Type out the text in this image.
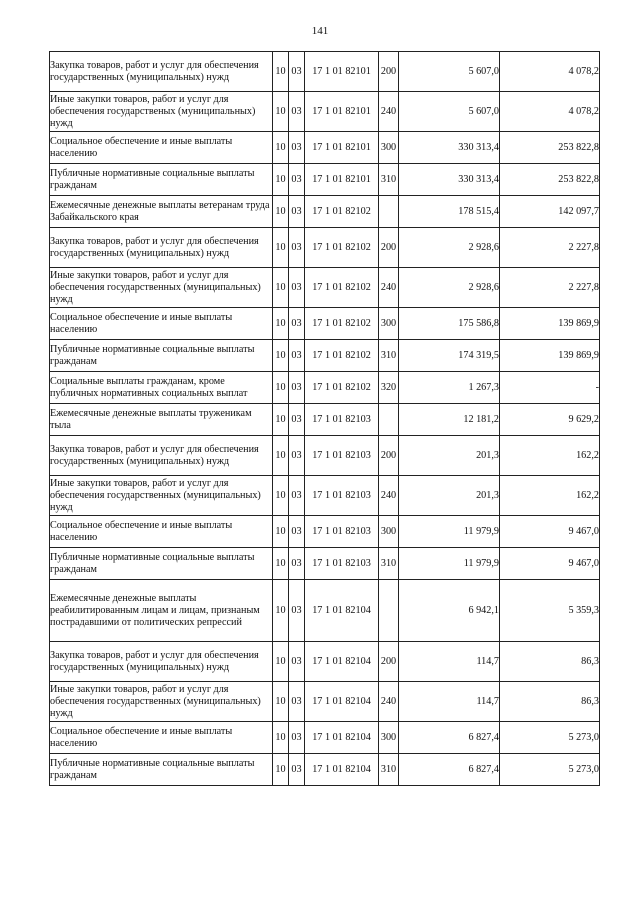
141
Закупка товаров, работ и услуг для обеспечения государственных (муниципальных) нужд	10	03	17 1 01 82101	200	5 607,0	4 078,2
Иные закупки товаров, работ и услуг для обеспечения государственых (муниципальных) нужд	10	03	17 1 01 82101	240	5 607,0	4 078,2
Социальное обеспечение и иные выплаты населению	10	03	17 1 01 82101	300	330 313,4	253 822,8
Публичные нормативные социальные выплаты гражданам	10	03	17 1 01 82101	310	330 313,4	253 822,8
Ежемесячные денежные выплаты ветеранам труда Забайкальского края	10	03	17 1 01 82102		178 515,4	142 097,7
Закупка товаров, работ и услуг для обеспечения государственных (муниципальных) нужд	10	03	17 1 01 82102	200	2 928,6	2 227,8
Иные закупки товаров, работ и услуг для обеспечения государственных (муниципальных) нужд	10	03	17 1 01 82102	240	2 928,6	2 227,8
Социальное обеспечение и иные выплаты населению	10	03	17 1 01 82102	300	175 586,8	139 869,9
Публичные нормативные социальные выплаты гражданам	10	03	17 1 01 82102	310	174 319,5	139 869,9
Социальные выплаты гражданам, кроме публичных нормативных социальных выплат	10	03	17 1 01 82102	320	1 267,3	-
Ежемесячные денежные выплаты труженикам тыла	10	03	17 1 01 82103		12 181,2	9 629,2
Закупка товаров, работ и услуг для обеспечения государственных (муниципальных) нужд	10	03	17 1 01 82103	200	201,3	162,2
Иные закупки товаров, работ и услуг для обеспечения государственных (муниципальных) нужд	10	03	17 1 01 82103	240	201,3	162,2
Социальное обеспечение и иные выплаты населению	10	03	17 1 01 82103	300	11 979,9	9 467,0
Публичные нормативные социальные выплаты гражданам	10	03	17 1 01 82103	310	11 979,9	9 467,0
Ежемесячные денежные выплаты реабилитированным лицам и лицам, признаным пострадавшими от политических репрессий	10	03	17 1 01 82104		6 942,1	5 359,3
Закупка товаров, работ и услуг для обеспечения государственных (муниципальных) нужд	10	03	17 1 01 82104	200	114,7	86,3
Иные закупки товаров, работ и услуг для обеспечения государственных (муниципальных) нужд	10	03	17 1 01 82104	240	114,7	86,3
Социальное обеспечение и иные выплаты населению	10	03	17 1 01 82104	300	6 827,4	5 273,0
Публичные нормативные социальные выплаты гражданам	10	03	17 1 01 82104	310	6 827,4	5 273,0
